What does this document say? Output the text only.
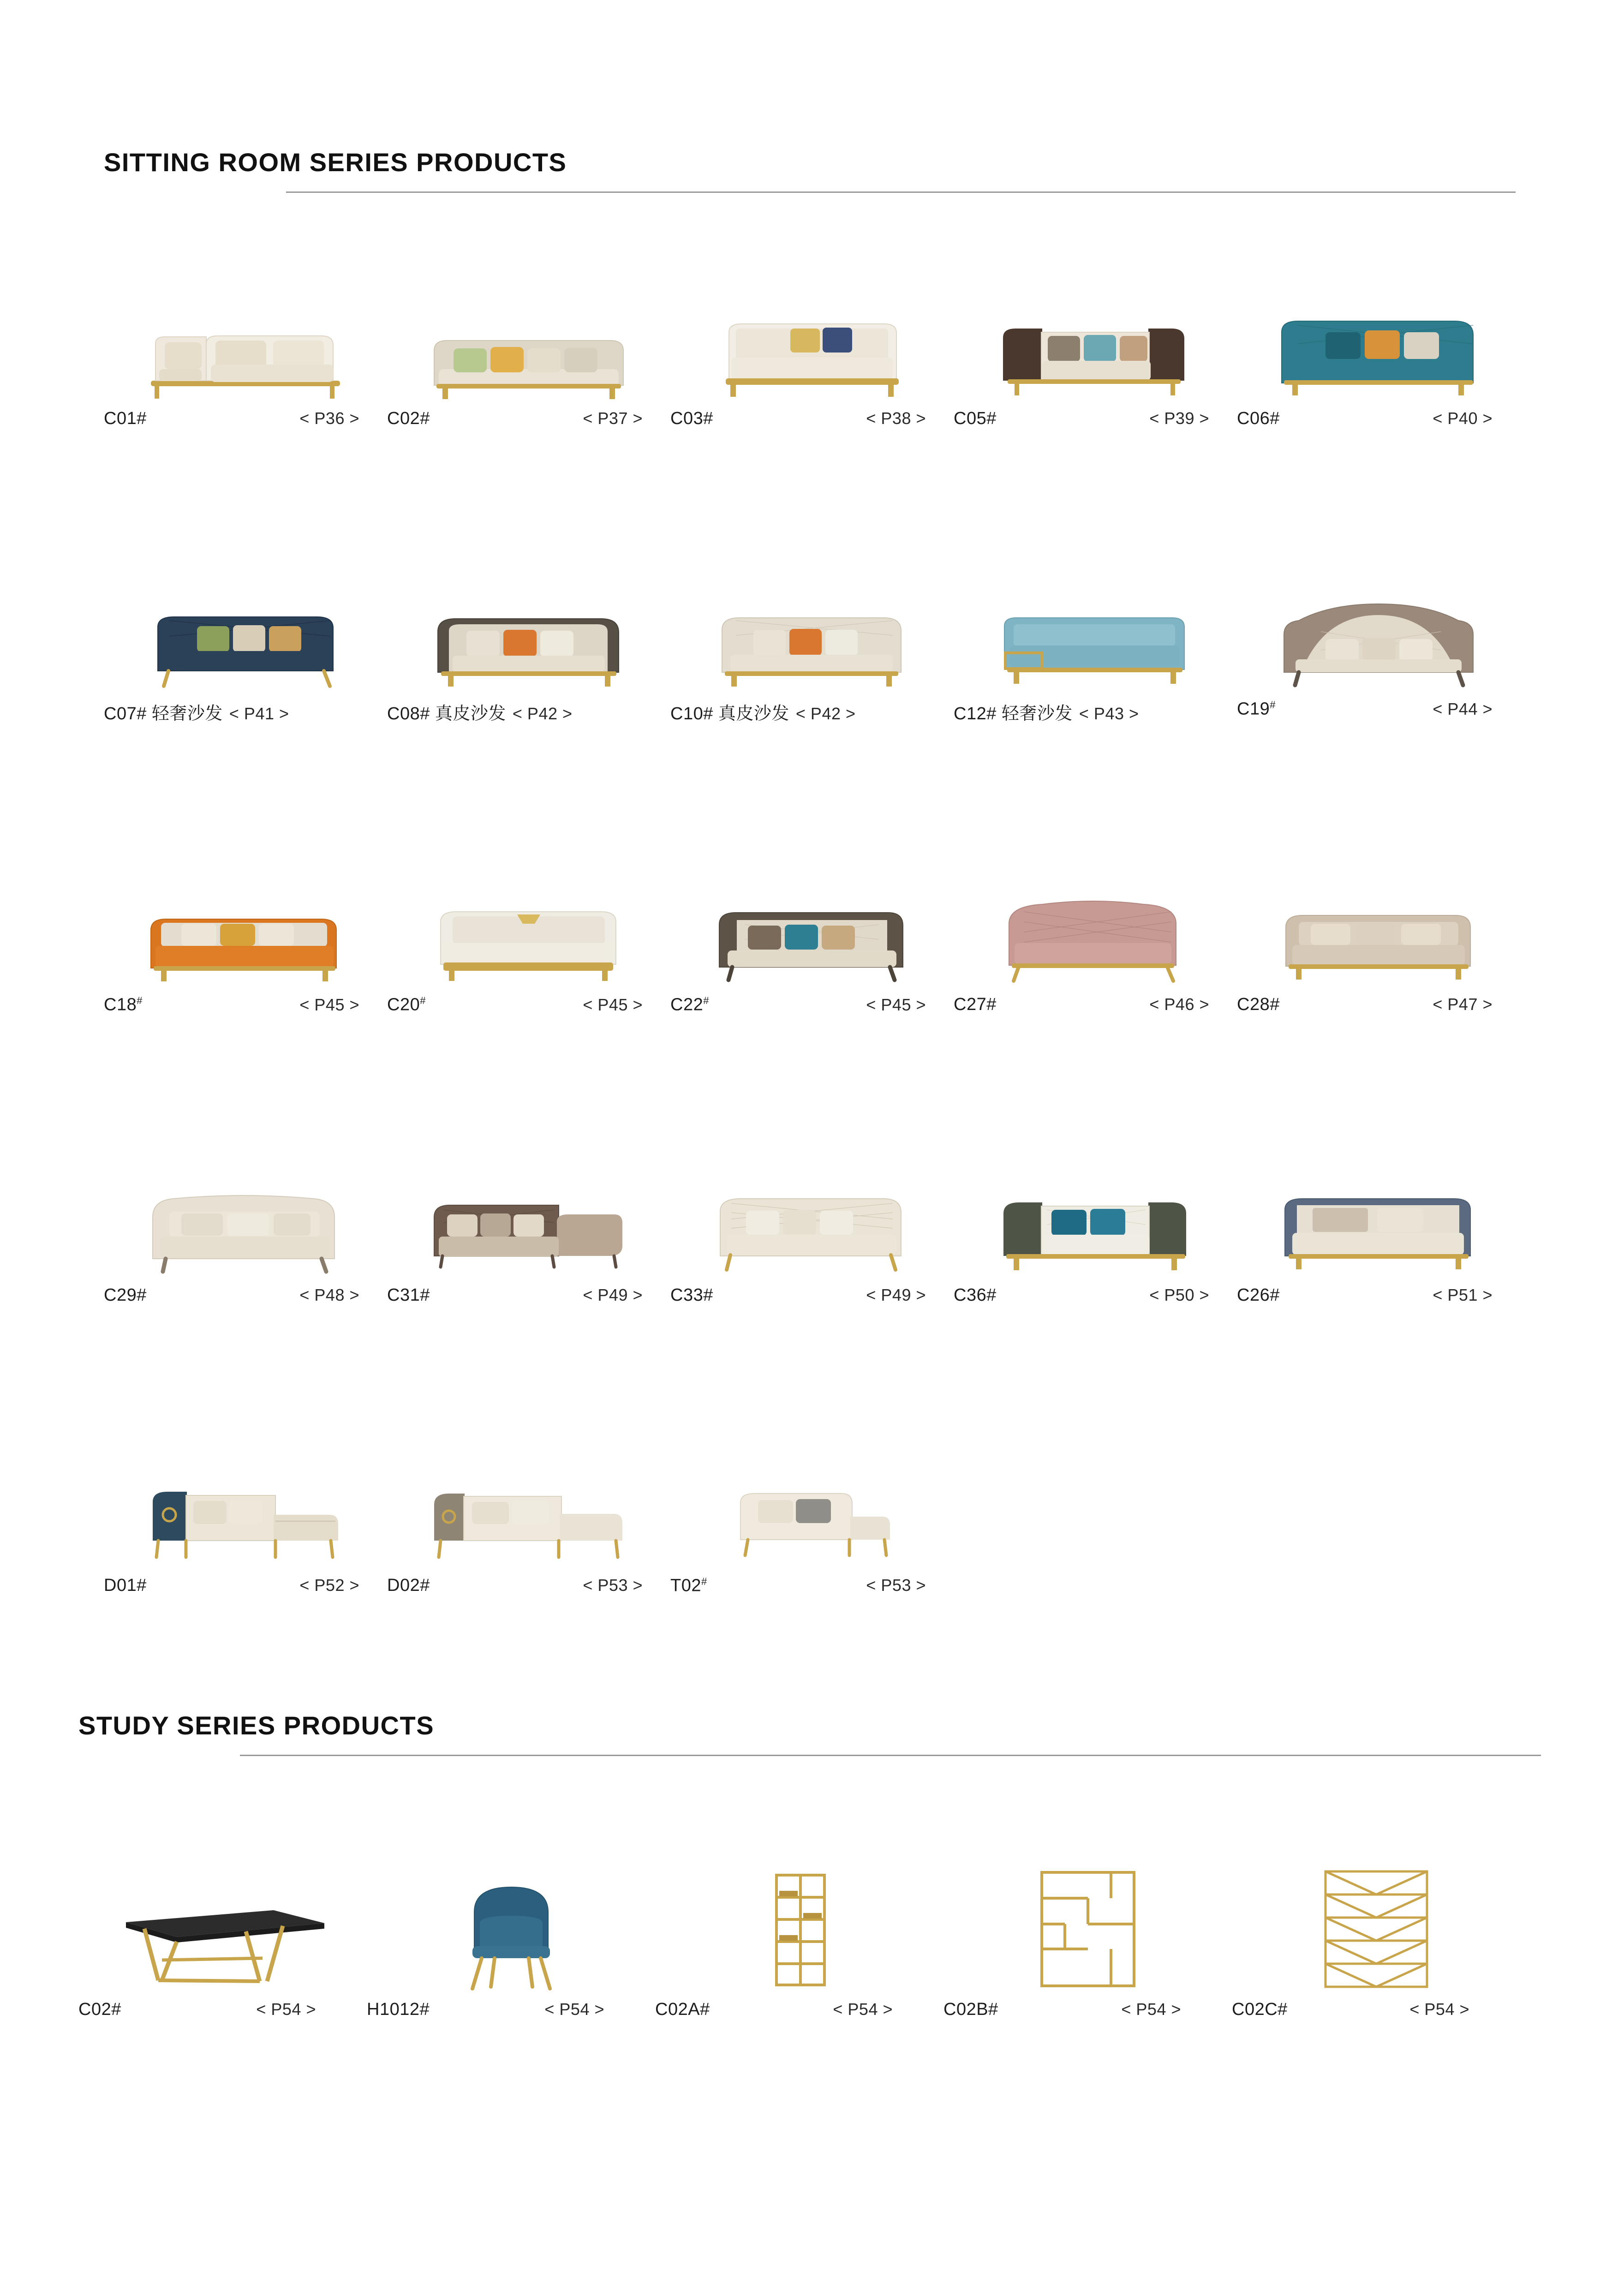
SITTING ROOM SERIES PRODUCTS
C01#	< P36 > C02#	< P37 > C03#	< P38 > C05#	< P39 > C06#	< P40 >
C07# 轻奢沙发 < P41 >	C08# 真皮沙发 < P42 >	C10# 真皮沙发 < P42 >	C12# 轻奢沙发 < P43 >	C19#	< P44 >
C18#	< P45 > C20#	< P45 > C22#	< P45 > C27#	< P46 > C28#	< P47 >
C29#	< P48 > C31#	< P49 > C33#	< P49 > C36#	< P50 > C26#	< P51 >
D01#	< P52 > D02#	< P53 > T02#	< P53 >
STUDY SERIES PRODUCTS
C02#	< P54 >	H1012#	< P54 >	C02A#	< P54 >	C02B#	< P54 >	C02C#	< P54 >
